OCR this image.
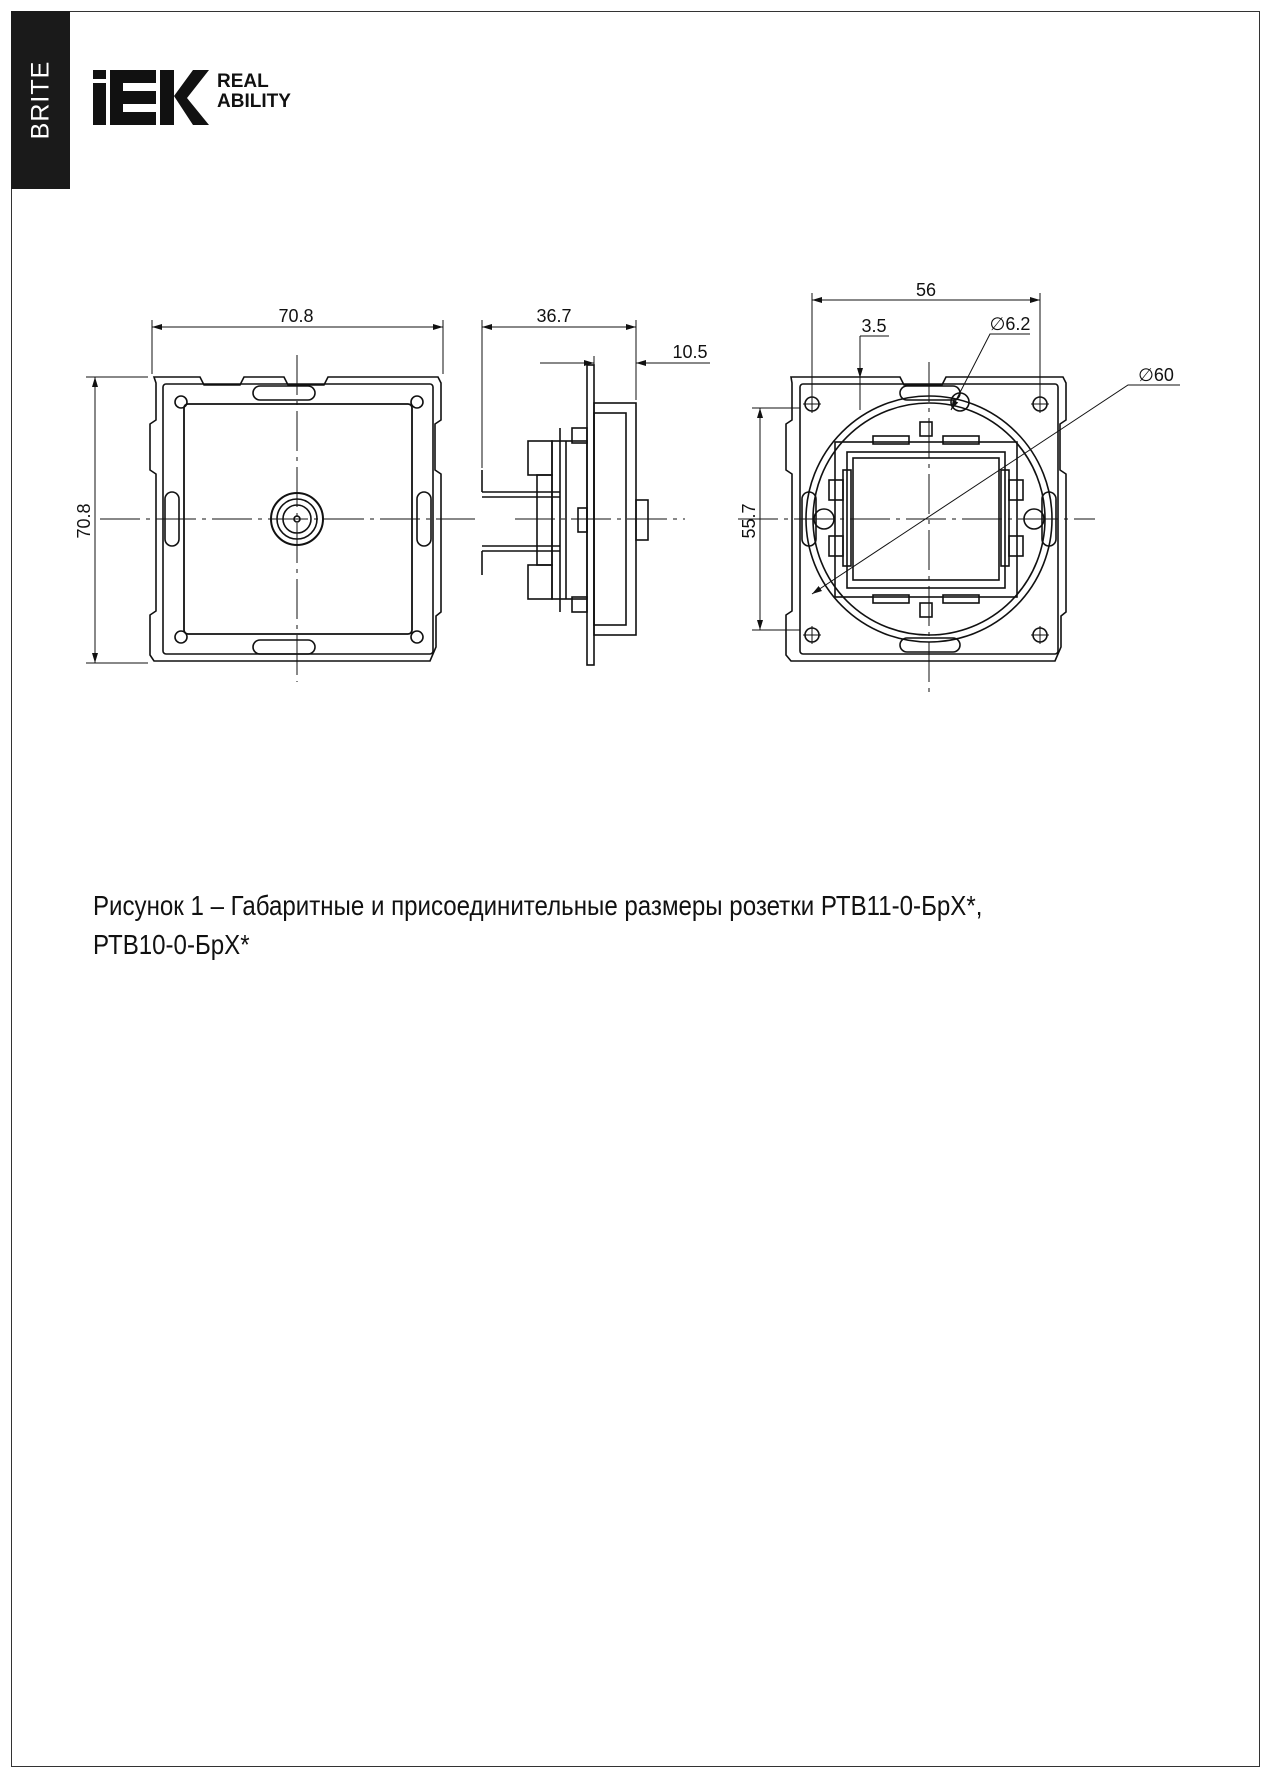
BRITE	REAL
ABILITY
70.8
70.8
36.7
10.5
56
3.5	∅6.2
∅60
55.7

Рисунок 1 – Габаритные и присоединительные размеры розетки РТВ11-0-БрХ*,

РТВ10-0-БрХ*
